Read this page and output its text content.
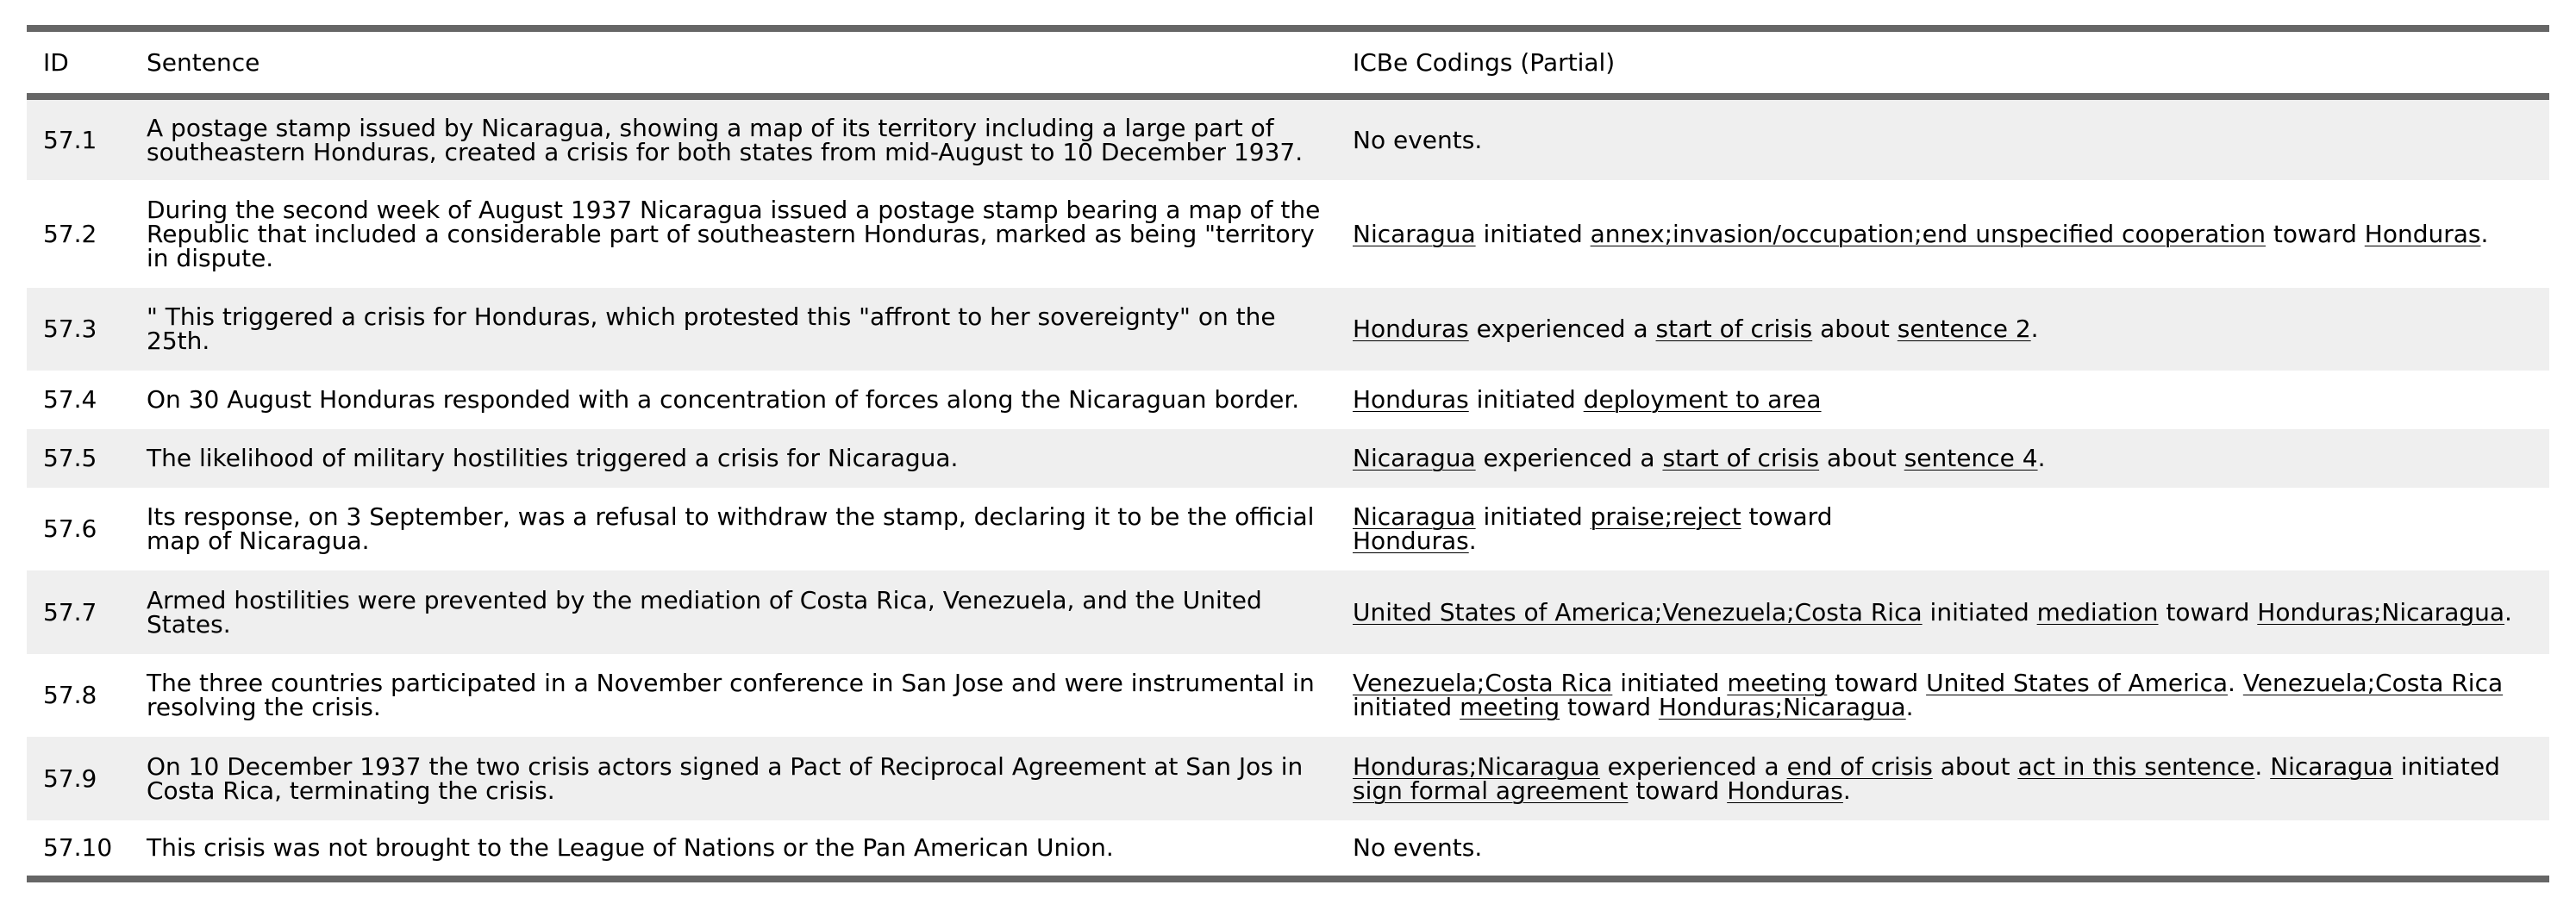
ID	Sentence	ICBe Codings (Partial)
57.1	A postage stamp issued by Nicaragua, showing a map of its territory including a large part of southeastern Honduras, created a crisis for both states from mid-August to 10 December 1937.	No events.
57.2	During the second week of August 1937 Nicaragua issued a postage stamp bearing a map of the Republic that included a considerable part of southeastern Honduras, marked as being "territory in dispute.	Nicaragua initiated annex;invasion/occupation;end unspecified cooperation toward Honduras.
57.3	" This triggered a crisis for Honduras, which protested this "affront to her sovereignty" on the 25th.	Honduras experienced a start of crisis about sentence 2.
57.4	On 30 August Honduras responded with a concentration of forces along the Nicaraguan border.	Honduras initiated deployment to area
57.5	The likelihood of military hostilities triggered a crisis for Nicaragua.	Nicaragua experienced a start of crisis about sentence 4.
57.6	Its response, on 3 September, was a refusal to withdraw the stamp, declaring it to be the official map of Nicaragua.	Nicaragua initiated praise;reject toward
Honduras.
57.7	Armed hostilities were prevented by the mediation of Costa Rica, Venezuela, and the United States.	United States of America;Venezuela;Costa Rica initiated mediation toward Honduras;Nicaragua.
57.8	The three countries participated in a November conference in San Jose and were instrumental in resolving the crisis.	Venezuela;Costa Rica initiated meeting toward United States of America. Venezuela;Costa Rica
initiated meeting toward Honduras;Nicaragua.
57.9	On 10 December 1937 the two crisis actors signed a Pact of Reciprocal Agreement at San Jos in Costa Rica, terminating the crisis.	Honduras;Nicaragua experienced a end of crisis about act in this sentence. Nicaragua initiated
sign formal agreement toward Honduras.
57.10	This crisis was not brought to the League of Nations or the Pan American Union.	No events.
